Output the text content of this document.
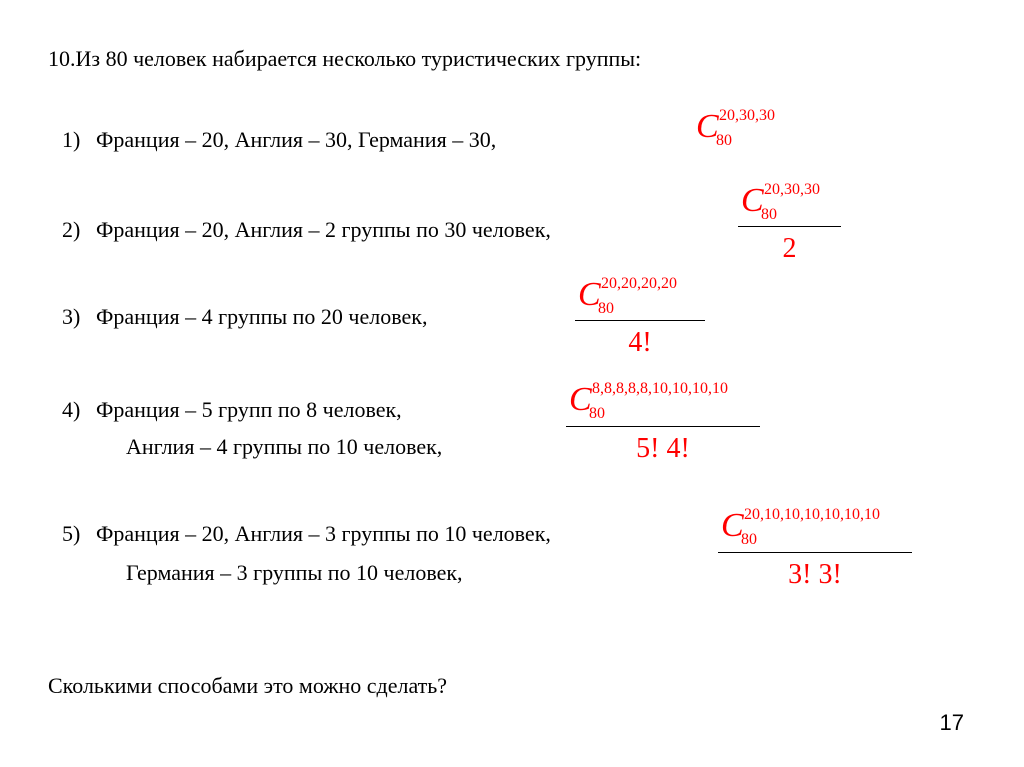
10.Из 80 человек набирается несколько туристических группы:
1) Франция – 20, Англия – 30, Германия – 30,
2) Франция – 20, Англия – 2 группы по 30 человек,
3) Франция – 4 группы по 20 человек,
4) Франция – 5 групп по 8 человек,
Англия – 4 группы по 10 человек,
5) Франция – 20, Англия – 3 группы по 10 человек,
Германия – 3 группы по 10 человек,
Сколькими способами это можно сделать?
C 20,30,30
80
C 20,30,30
80
2
C 20,20,20,20
80
4!
C 8,8,8,8,8,10,10,10,10
80
5! 4!
C 20,10,10,10,10,10,10
80
3! 3!
17
